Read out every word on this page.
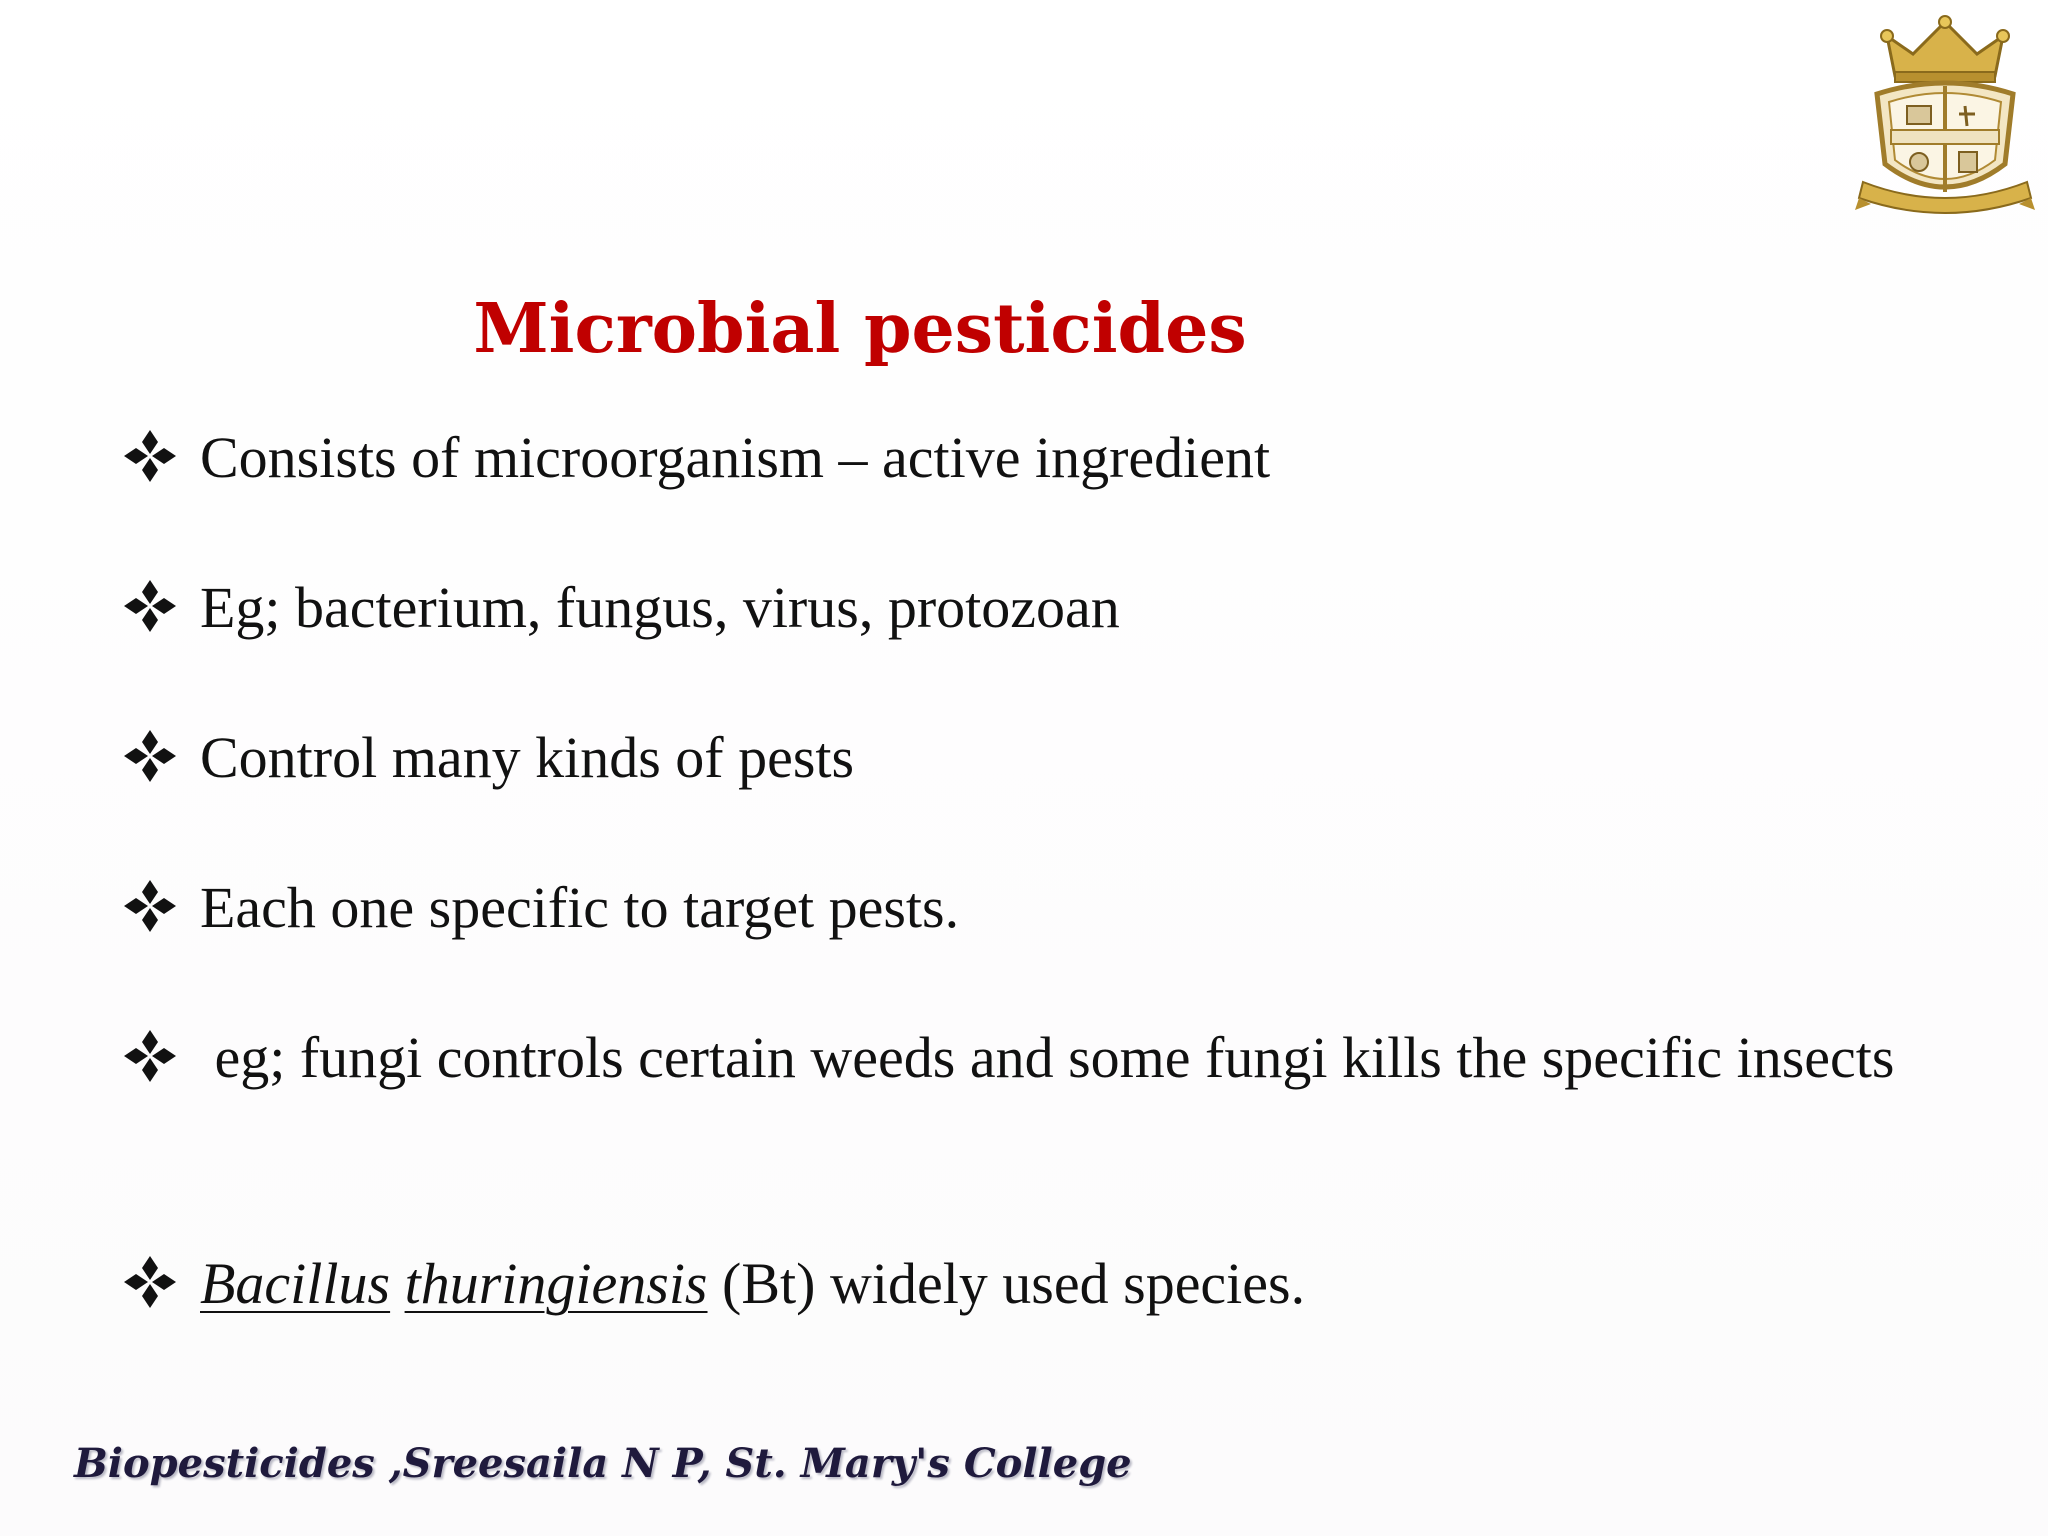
Microbial pesticides
Consists of microorganism – active ingredient
Eg; bacterium, fungus, virus, protozoan
Control many kinds of pests
Each one specific to target pests.
eg; fungi controls certain weeds and some fungi kills the specific insects
Bacillus thuringiensis (Bt) widely used species.
Biopesticides ,Sreesaila N P, St. Mary's College
